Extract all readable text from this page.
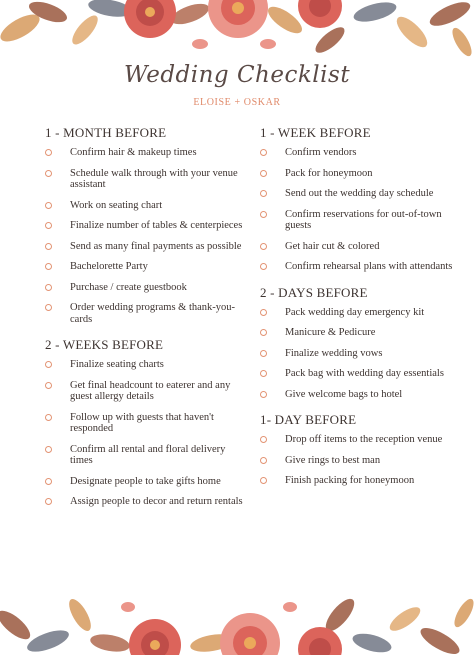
Wedding Checklist
ELOISE + OSKAR
1 - MONTH BEFORE
Confirm hair & makeup times
Schedule walk through with your venue assistant
Work on seating chart
Finalize number of tables & centerpieces
Send as many final payments as possible
Bachelorette Party
Purchase / create guestbook
Order wedding programs & thank-you-cards
2 - WEEKS BEFORE
Finalize seating charts
Get final headcount to eaterer and any guest allergy details
Follow up with guests that haven't responded
Confirm all rental and floral delivery times
Designate people to take gifts home
Assign people to decor and return rentals
1 - WEEK BEFORE
Confirm vendors
Pack for honeymoon
Send out the wedding day schedule
Confirm reservations for out-of-town guests
Get hair cut & colored
Confirm rehearsal plans with attendants
2 - DAYS BEFORE
Pack wedding day emergency kit
Manicure & Pedicure
Finalize wedding vows
Pack bag with wedding day essentials
Give welcome bags to hotel
1- DAY BEFORE
Drop off items to the reception venue
Give rings to best man
Finish packing for honeymoon
